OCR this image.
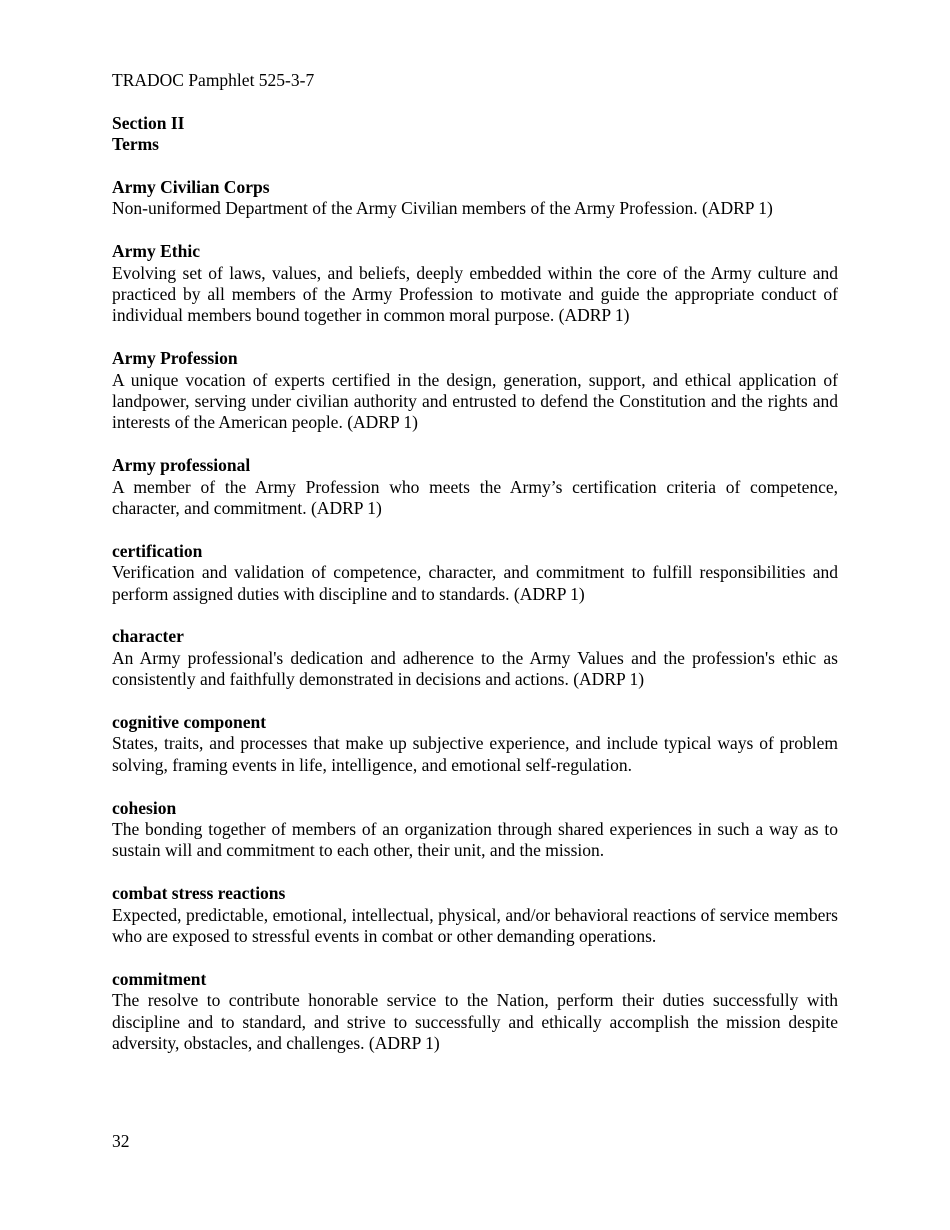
TRADOC Pamphlet 525-3-7
Section II
Terms
Army Civilian Corps
Non-uniformed Department of the Army Civilian members of the Army Profession. (ADRP 1)
Army Ethic
Evolving set of laws, values, and beliefs, deeply embedded within the core of the Army culture and practiced by all members of the Army Profession to motivate and guide the appropriate conduct of individual members bound together in common moral purpose. (ADRP 1)
Army Profession
A unique vocation of experts certified in the design, generation, support, and ethical application of landpower, serving under civilian authority and entrusted to defend the Constitution and the rights and interests of the American people. (ADRP 1)
Army professional
A member of the Army Profession who meets the Army’s certification criteria of competence, character, and commitment. (ADRP 1)
certification
Verification and validation of competence, character, and commitment to fulfill responsibilities and perform assigned duties with discipline and to standards. (ADRP 1)
character
An Army professional's dedication and adherence to the Army Values and the profession's ethic as consistently and faithfully demonstrated in decisions and actions. (ADRP 1)
cognitive component
States, traits, and processes that make up subjective experience, and include typical ways of problem solving, framing events in life, intelligence, and emotional self-regulation.
cohesion
The bonding together of members of an organization through shared experiences in such a way as to sustain will and commitment to each other, their unit, and the mission.
combat stress reactions
Expected, predictable, emotional, intellectual, physical, and/or behavioral reactions of service members who are exposed to stressful events in combat or other demanding operations.
commitment
The resolve to contribute honorable service to the Nation, perform their duties successfully with discipline and to standard, and strive to successfully and ethically accomplish the mission despite adversity, obstacles, and challenges. (ADRP 1)
32
